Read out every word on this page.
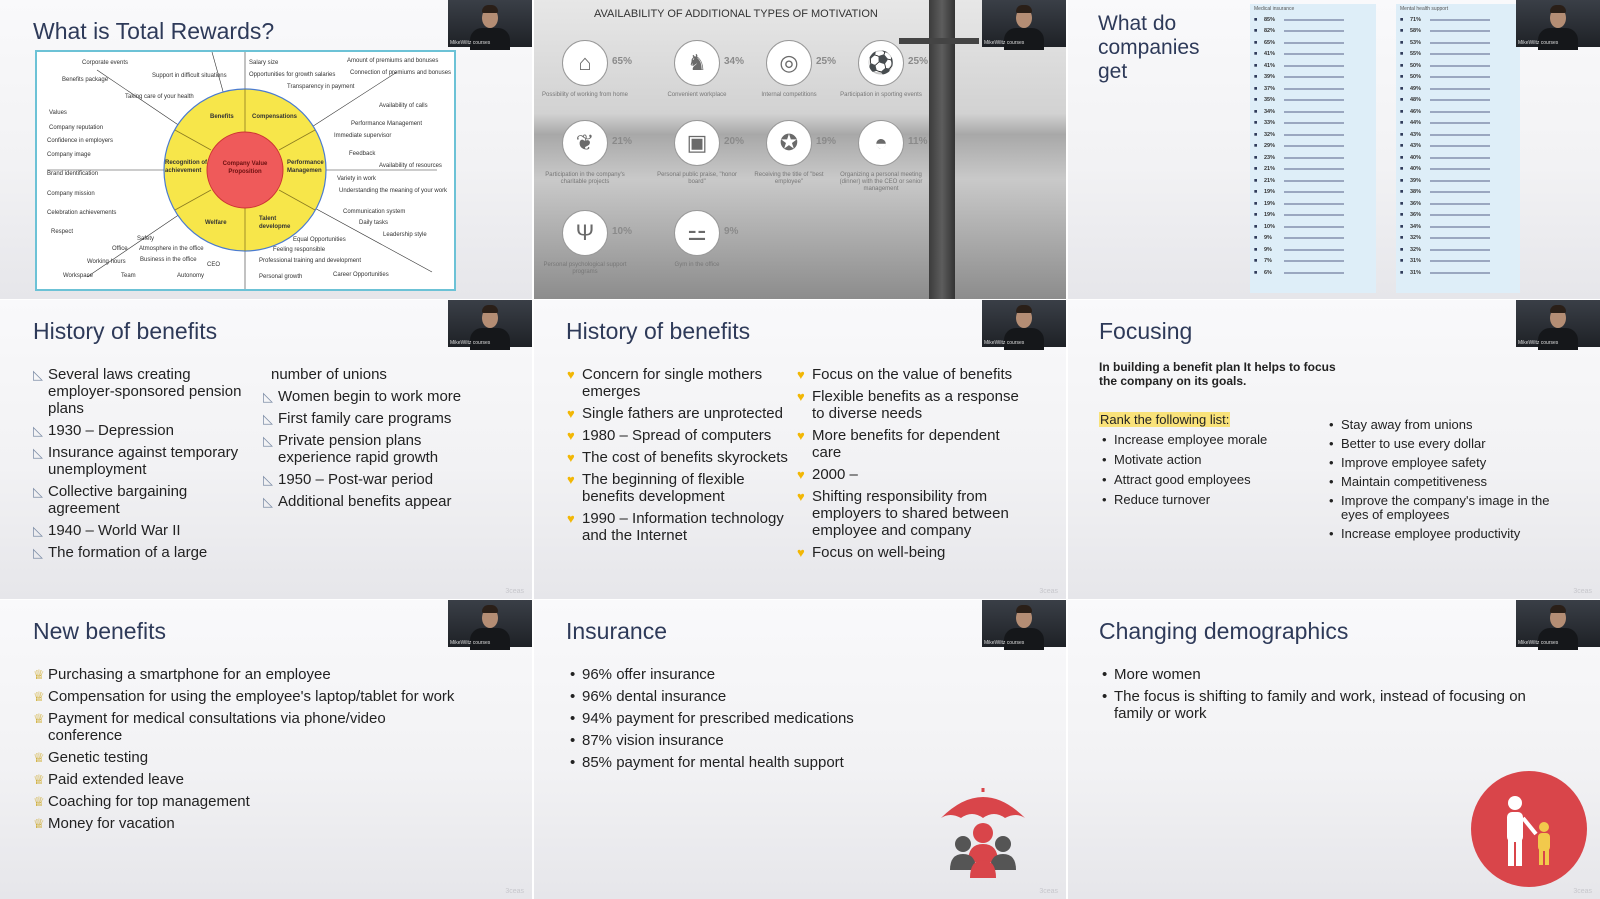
What is Total Rewards?
Company Value
Proposition
Benefits	Compensations
Performance
Managemen
Recognition of
achievement
Welfare
Talent
developme
Corporate events
Benefits package
Support in difficult situations
Taking care of your health
Values
Company reputation
Confidence in employers
Company image
Brand identification
Company mission
Celebration achievements
Respect
Safety
Office Atmosphere in the office
Working hours Business in the office
CEO
Workspace	Team	Autonomy
Salary size	Amount of premiums and bonuses
Opportunities for growth salaries Connection of premiums and bonuses
Transparency in payment
Availability of calls
Performance Management
Immediate supervisor
Feedback
Availability of resources
Variety in work
Understanding the meaning of your work
Communication system
Daily tasks
Leadership style
Equal Opportunities
Feeling responsible
Professional training and development
Personal growth	Career Opportunities
MikeWiltz courses
AVAILABILITY OF ADDITIONAL TYPES OF MOTIVATION
⌂	65%
Possibility of working from home
♞	34%
Convenient workplace
◎	25%
Internal competitions
⚽	25%
Participation in sporting events
❦	21%
Participation in the company's charitable projects
▣	20%
Personal public praise, "honor board"
✪	19%
Receiving the title of "best employee"
◓	11%
Organizing a personal meeting (dinner) with the CEO or senior management
Ψ	10%
Personal psychological support programs
⚍	9%
Gym in the office
MikeWiltz courses
What do
companies
get
Medical insurance
■	85%
■	82%
■	65%
■	41%
■	41%
■	39%
■	37%
■	35%
■	34%
■	33%
■	32%
■	29%
■	23%
■	21%
■	21%
■	19%
■	19%
■	19%
■	10%
■	9%
■	9%
■	7%
■	6%
Mental health support
■	71%
■	58%
■	53%
■	55%
■	50%
■	50%
■	49%
■	48%
■	46%
■	44%
■	43%
■	43%
■	40%
■	40%
■	39%
■	38%
■	36%
■	36%
■	34%
■	32%
■	32%
■	31%
■	31%
MikeWiltz courses
History of benefits
◺ Several laws creating employer-sponsored pension plans
◺ 1930 – Depression
◺ Insurance against temporary unemployment
◺ Collective bargaining agreement
◺ 1940 – World War II
◺ The formation of a large
number of unions
◺ Women begin to work more
◺ First family care programs
◺ Private pension plans experience rapid growth
◺ 1950 – Post-war period
◺ Additional benefits appear
MikeWiltz courses
3ceas
History of benefits
♥ Concern for single mothers emerges
♥ Single fathers are unprotected
♥ 1980 – Spread of computers
♥ The cost of benefits skyrockets
♥ The beginning of flexible benefits development
♥ 1990 – Information technology and the Internet
♥ Focus on the value of benefits
♥ Flexible benefits as a response to diverse needs
♥ More benefits for dependent care
♥ 2000 –
♥ Shifting responsibility from employers to shared between employee and company
♥ Focus on well-being
MikeWiltz courses
3ceas
Focusing
In building a benefit plan It helps to focus the company on its goals.
Rank the following list:
• Increase employee morale
• Motivate action
• Attract good employees
• Reduce turnover
• Stay away from unions
• Better to use every dollar
• Improve employee safety
• Maintain competitiveness
• Improve the company's image in the eyes of employees
• Increase employee productivity
MikeWiltz courses
3ceas
New benefits
♕ Purchasing a smartphone for an employee
♕ Compensation for using the employee's laptop/tablet for work
♕ Payment for medical consultations via phone/video conference
♕ Genetic testing
♕ Paid extended leave
♕ Coaching for top management
♕ Money for vacation
MikeWiltz courses
3ceas
Insurance
• 96% offer insurance
• 96% dental insurance
• 94% payment for prescribed medications
• 87% vision insurance
• 85% payment for mental health support
MikeWiltz courses
3ceas
Changing demographics
• More women
• The focus is shifting to family and work, instead of focusing on family or work
MikeWiltz courses
3ceas
